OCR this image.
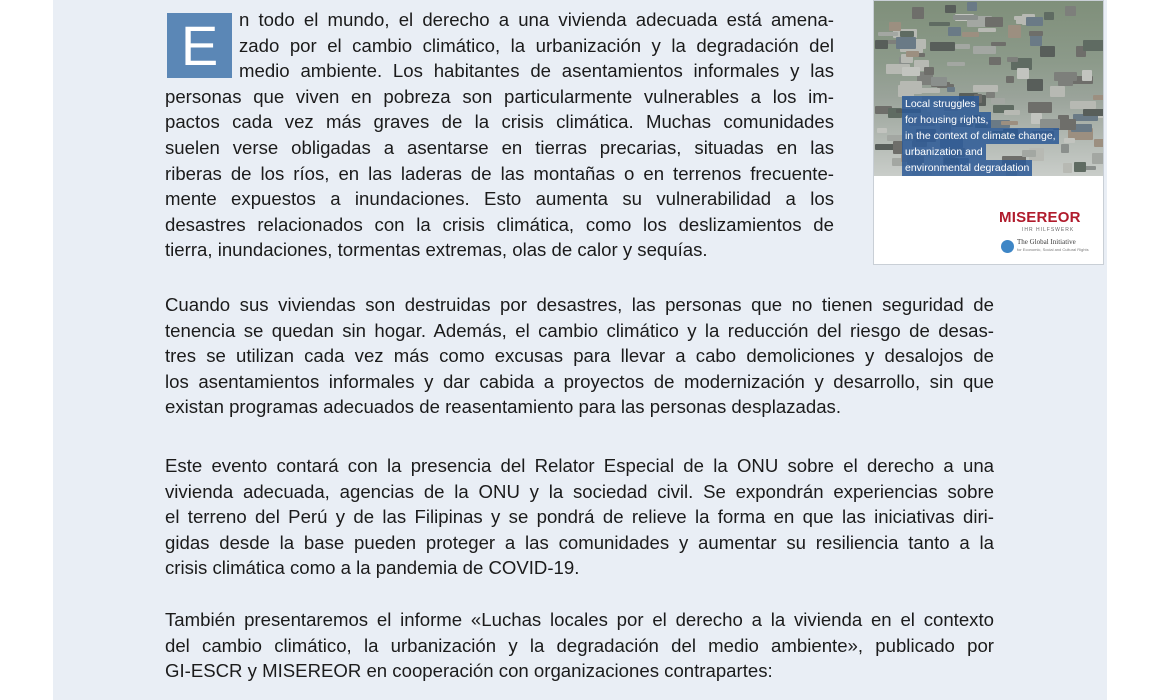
E	n todo el mundo, el derecho a una vivienda adecuada está amena-
zado por el cambio climático, la urbanización y la degradación del
medio ambiente. Los habitantes de asentamientos informales y las
personas que viven en pobreza son particularmente vulnerables a los im-
pactos cada vez más graves de la crisis climática. Muchas comunidades
suelen verse obligadas a asentarse en tierras precarias, situadas en las
riberas de los ríos, en las laderas de las montañas o en terrenos frecuente-
mente expuestos a inundaciones. Esto aumenta su vulnerabilidad a los
desastres relacionados con la crisis climática, como los deslizamientos de
tierra, inundaciones, tormentas extremas, olas de calor y sequías.

Cuando sus viviendas son destruidas por desastres, las personas que no tienen seguridad de
tenencia se quedan sin hogar. Además, el cambio climático y la reducción del riesgo de desas-
tres se utilizan cada vez más como excusas para llevar a cabo demoliciones y desalojos de
los asentamientos informales y dar cabida a proyectos de modernización y desarrollo, sin que
existan programas adecuados de reasentamiento para las personas desplazadas.

Este evento contará con la presencia del Relator Especial de la ONU sobre el derecho a una
vivienda adecuada, agencias de la ONU y la sociedad civil. Se expondrán experiencias sobre
el terreno del Perú y de las Filipinas y se pondrá de relieve la forma en que las iniciativas diri-
gidas desde la base pueden proteger a las comunidades y aumentar su resiliencia tanto a la
crisis climática como a la pandemia de COVID-19.

También presentaremos el informe «Luchas locales por el derecho a la vivienda en el contexto
del cambio climático, la urbanización y la degradación del medio ambiente», publicado por
GI-ESCR y MISEREOR en cooperación con organizaciones contrapartes:

Local struggles
for housing rights,
in the context of climate change,
urbanization and
environmental degradation
MISEREOR
IHR HILFSWERK
The Global Initiative
for Economic, Social and Cultural Rights
